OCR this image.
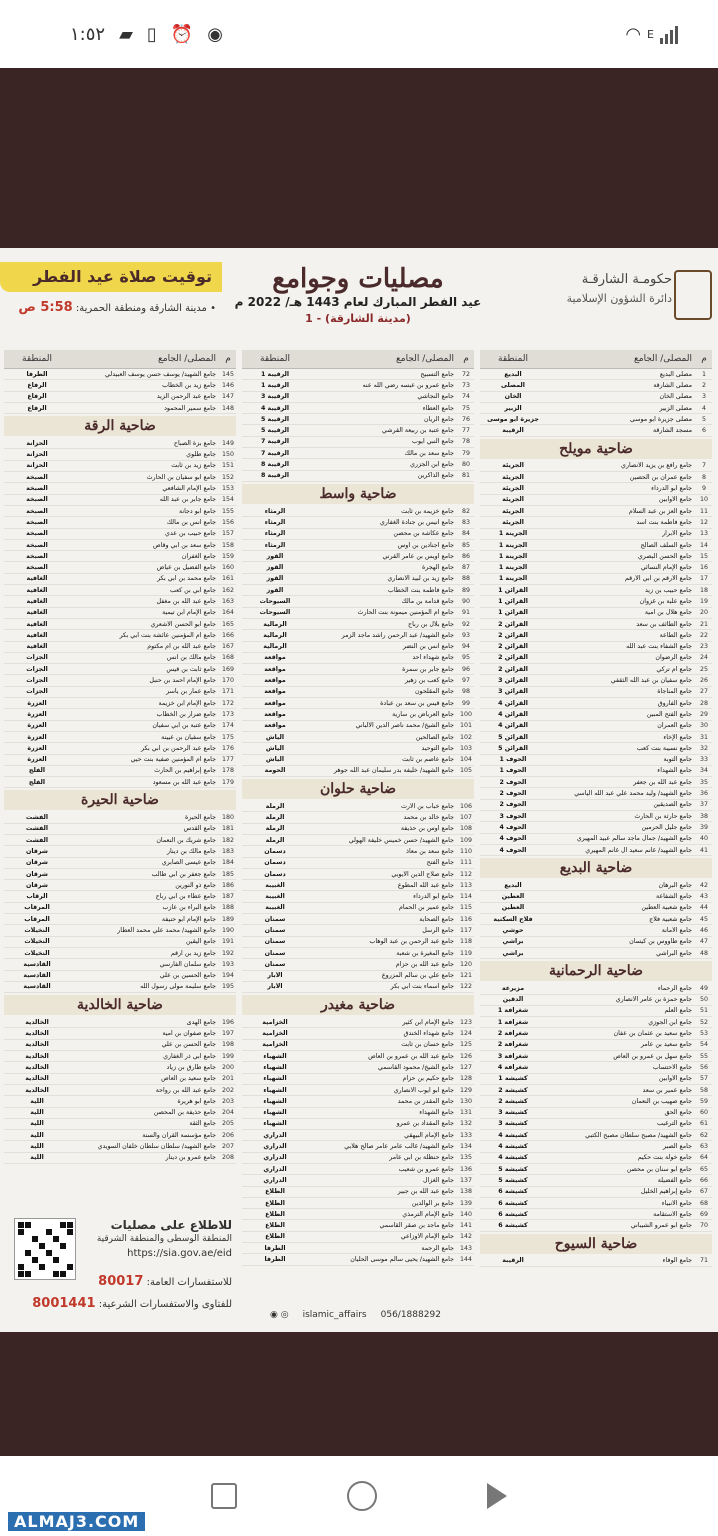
١:٥٢ ▰ ▯ ⏰ ◉	◠ E
حكومـة الشارقـة
دائرة الشؤون الإسلامية
مصليات وجوامع
عيد الفطر المبارك لعام 1443 هـ/ 2022 م
(مدينة الشارقة) - 1
توقيت صلاة عيد الفطر
• مدينة الشارقة ومنطقة الحمرية: 5:58 ص
م
المصلى/ الجامع
المنطقة
1
مصلى البديع
البديع
2
مصلى الشارقة
المصلى
3
مصلى الخان
الخان
4
مصلى الزبير
الزبير
5
مصلى جزيرة أبو موسى
جزيرة أبو موسى
6
مسجد الشارقة
الرقيبة
ضاحية مويلح
7
جامع رافع بن يزيد الأنصاري
الجريئة
8
جامع عمران بن الحصين
الجريئة
9
جامع أبو الدرداء
الجريئة
10
جامع الأوابين
الجريئة
11
جامع العز بن عبد السلام
الجريئة
12
جامع فاطمة بنت أسد
الجريئة
13
جامع الأبرار
الجرينة 1
14
جامع السلف الصالح
الجرينة 1
15
جامع الحسن البصري
الجرينة 1
16
جامع الإمام النسائي
الجرينة 1
17
جامع الأرقم بن أبي الأرقم
الجرينة 1
18
جامع حبيب بن زيد
القرائن 1
19
جامع علبة بن غزوان
القرائن 1
20
جامع هلال بن أمية
القرائن 1
21
جامع الطائف بن سعد
القرائن 2
22
جامع الطاعة
القرائن 2
23
جامع الشفاء بنت عبد الله
القرائن 2
24
جامع الرضوان
القرائن 2
25
جامع أم تركي
القرائن 2
26
جامع سفيان بن عبد الله الثقفي
القرائن 3
27
جامع المناجاة
القرائن 3
28
جامع الفاروق
القرائن 4
29
جامع الفتح المبين
القرائن 4
30
جامع العمران
القرائن 4
31
جامع الإخاء
القرائن 5
32
جامع نسيبة بنت كعب
القرائن 5
33
جامع التوبة
الحوف 1
34
جامع الشهداء
الحوف 1
35
جامع عبد الله بن جعفر
الحوف 2
36
جامع الشهيد/ وليد محمد علي عبد الله الياسي
الحوف 2
37
جامع الصديقين
الحوف 2
38
جامع حارثة بن الحارث
الحوف 3
39
جامع جليل الحرمين
الحوف 4
40
جامع الشهيد/ جمال ماجد سالم عبيد المهيري
الحوف 4
41
جامع الشهيد/ غانم سعيد آل غانم المهيري
الحوف 4
ضاحية البديع
42
جامع البرهان
البديع
43
جامع الشفاعة
العطين
44
جامع شعبية العطين
العطين
45
جامع شعبية فلاج
فلاج السكنية
46
جامع الأمانة
حوشي
47
جامع طاووس بن كيسان
براشي
48
جامع البراشي
براشي
ضاحية الرحمانية
49
جامع الرحماء
مزيرعة
50
جامع حمزة بن عامر الأنصاري
الدقين
51
جامع العلم
شغرافة 1
52
جامع ابن الجوزي
شغرافة 1
53
جامع سعيد بن عثمان بن عفان
شغرافة 2
54
جامع سعيد بن عامر
شغرافة 2
55
جامع سهل بن عمرو بن العاص
شغرافة 3
56
جامع الاحتساب
شغرافة 4
57
جامع الأوابين
كشيشة 1
58
جامع عمير بن سعد
كشيشة 2
59
جامع صهيب بن النعمان
كشيشة 2
60
جامع الحق
كشيشة 3
61
جامع الترغيب
كشيشة 3
62
جامع الشهيد/ مصبح سلطان مصبح الكتبي
كشيشة 4
63
جامع الصبر
كشيشة 4
64
جامع خولة بنت حكيم
كشيشة 4
65
جامع أبو سنان بن محصن
كشيشة 5
66
جامع الفضيلة
كشيشة 5
67
جامع إبراهيم الخليل
كشيشة 6
68
جامع الأنبياء
كشيشة 6
69
جامع الاستقامة
كشيشة 6
70
جامع أبو عمرو الشيباني
كشيشة 6
ضاحية السيوح
71
جامع الوفاء
الرقيبة
م
المصلى/ الجامع
المنطقة
72
جامع التسبيح
الرقيبة 1
73
جامع عمرو بن عبسه رضي الله عنه
الرقيبة 1
74
جامع النجاشي
الرقيبة 3
75
جامع العطاء
الرقيبة 4
76
جامع الريان
الرقيبة 5
77
جامع عتبة بن ربيعة القرشي
الرقيبة 5
78
جامع النبي أيوب
الرقيبة 7
79
جامع سعد بن مالك
الرقيبة 7
80
جامع ابن الجزري
الرقيبة 8
81
جامع الذاكرين
الرقيبة 8
ضاحية واسط
82
جامع خزيمة بن ثابت
الرمثاء
83
جامع أنيس بن جنادة الغفاري
الرمثاء
84
جامع عكاشة بن محصن
الرمثاء
85
جامع أجنادين بن أوس
الرمثاء
86
جامع أويس بن عامر القرني
القوز
87
جامع الهجرة
القوز
88
جامع زيد بن لبيد الأنصاري
القوز
89
جامع فاطمة بنت الخطاب
القوز
90
جامع قدامة بن مالك
السيوحات
91
جامع أم المؤمنين ميمونة بنت الحارث
السيوحات
92
جامع بلال بن رباح
الرمالية
93
جامع الشهيد/ عبد الرحمن راشد ماجد الزمر
الرمالية
94
جامع أنس بن النضر
الرمالية
95
جامع شهداء أحد
مواقعة
96
جامع جابر بن سمرة
مواقعة
97
جامع كعب بن زهير
مواقعة
98
جامع المقلحون
مواقعة
99
جامع قيس بن سعد بن عبادة
مواقعة
100
جامع العرباض بن سارية
مواقعة
101
جامع الشيخ/ محمد ناصر الدين الألباني
مواقعة
102
جامع الصالحين
الياش
103
جامع التوحيد
الياش
104
جامع عاصم بن ثابت
الياش
105
جامع الشهيد/ خليفة بدر سليمان عبد الله جوهر
الحومة
ضاحية حلوان
106
جامع خباب بن الأرت
الرملة
107
جامع خالد بن محمد
الرملة
108
جامع أوس بن حذيفة
الرملة
109
جامع الشهيد/ حسن خميس خليفة الهولي
الرملة
110
جامع سعد بن معاذ
دسمان
111
جامع الفتح
دسمان
112
جامع صلاح الدين الأيوبي
دسمان
113
جامع عبد الله المطوع
الغبيبة
114
جامع أبو الدرداء
الغبيبة
115
جامع عمير بن الحمام
الغبيبة
116
جامع الصحابة
سمنان
117
جامع الرسل
سمنان
118
جامع عبد الرحمن بن عبد الوهاب
سمنان
119
جامع المغيرة بن شعبة
سمنان
120
جامع عبد الله بن حزام
سمنان
121
جامع علي بن سالم المزروع
الأبار
122
جامع أسماء بنت أبي بكر
الأبار
ضاحية مغيدر
123
جامع الإمام ابن كثير
الخزامية
124
جامع شهداء الخندق
الخزامية
125
جامع حسان بن ثابت
الخزامية
126
جامع عبد الله بن عمرو بن العاص
الشهباء
127
جامع الشيخ/ محمود القاسمي
الشهباء
128
جامع حكيم بن حزام
الشهباء
129
جامع أبو أيوب الأنصاري
الشهباء
130
جامع المقدر بن محمد
الشهباء
131
جامع الشهداء
الشهباء
132
جامع المقداد بن عمرو
الشهباء
133
جامع الإمام البيهقي
الدراري
134
جامع الشهيد/ غالب عامر عامر صالح هلابي
الدراري
135
جامع حنظلة بن أبي عامر
الدراري
136
جامع عمرو بن شعيب
الدراري
137
جامع الغزال
الدراري
138
جامع عبد الله بن جبير
الطلاع
139
جامع بر الوالدين
الطلاع
140
جامع الإمام الترمذي
الطلاع
141
جامع ماجد بن صقر القاسمي
الطلاع
142
جامع الإمام الأوزاعي
الطلاع
143
جامع الرحمة
الطرفا
144
جامع الشهيد/ يحيى سالم موسى الحليان
الطرفا
م
المصلى/ الجامع
المنطقة
145
جامع الشهيد/ يوسف حسن يوسف العبيدلي
الطرفا
146
جامع زيد بن الخطاب
الرفاع
147
جامع عبد الرحمن الزيد
الرفاع
148
جامع سمير المحمود
الرفاع
ضاحية الرقة
149
جامع بزة الصباح
الحزانة
150
جامع طلوي
الحزانة
151
جامع زيد بن ثابت
الحزانة
152
جامع أبو سفيان بن الحارث
الصبخة
153
جامع الإمام الشافعي
الصبخة
154
جامع جابر بن عبد الله
الصبخة
155
جامع أبو دجانة
الصبخة
156
جامع أنس بن مالك
الصبخة
157
جامع حبيب بن عدي
الصبخة
158
جامع سعد بن أبي وقاص
الصبخة
159
جامع الغفران
الصبخة
160
جامع الفضيل بن عياض
الصبخة
161
جامع محمد بن أبي بكر
الغافية
162
جامع أبي بن كعب
الغافية
163
جامع عبد الله بن مغفل
الغافية
164
جامع الإمام ابن تيمية
الغافية
165
جامع أبو الحسن الأشعري
الغافية
166
جامع أم المؤمنين عائشة بنت أبي بكر
الغافية
167
جامع عبد الله بن أم مكتوم
الغافية
168
جامع مالك بن أنس
الجزات
169
جامع ثابت بن قيس
الجزات
170
جامع الإمام أحمد بن حنبل
الجزات
171
جامع عمار بن ياسر
الجزات
172
جامع الإمام ابن خزيمة
العزرة
173
جامع ضرار بن الخطاب
العزرة
174
جامع عتبة بن أبي سفيان
العزرة
175
جامع سفيان بن عيينة
العزرة
176
جامع عبد الرحمن بن أبي بكر
العزرة
177
جامع أم المؤمنين صفية بنت حيي
العزرة
178
جامع إبراهيم بن الحارث
الفلج
179
جامع عبد الله بن مسعود
الفلج
ضاحية الحيرة
180
جامع الحيرة
الفشت
181
جامع القدس
الفشت
182
جامع شريك بن النعمان
الفشت
183
جامع مالك بن دينار
شرقان
184
جامع عيسى الصابري
شرقان
185
جامع جعفر بن أبي طالب
شرقان
186
جامع ذو النورين
شرقان
187
جامع عطاء بن أبي رباح
الرقاب
188
جامع البراء بن عازب
المرقاب
189
جامع الإمام أبو حنيفة
المرقاب
190
جامع الشهيد/ محمد علي محمد العطار
النخيلات
191
جامع اليقين
النخيلات
192
جامع زيد بن أرقم
النخيلات
193
جامع سلمان الفارسي
القادسية
194
جامع الحسين بن علي
القادسية
195
جامع سليمة مولى رسول الله
القادسية
ضاحية الخالدية
196
جامع الهدى
الخالدية
197
جامع صفوان بن أمية
الخالدية
198
جامع الحسن بن علي
الخالدية
199
جامع أبي ذر الغفاري
الخالدية
200
جامع طارق بن زياد
الخالدية
201
جامع سعيد بن العاص
الخالدية
202
جامع عبد الله بن رواحة
الخالدية
203
جامع أبو هريرة
اللية
204
جامع حذيفة بن المحصن
اللية
205
جامع الثقة
اللية
206
جامع مؤسسة القرآن والسنة
اللية
207
جامع الشهيد/ سلطان سلطان خلفان السويدي
اللية
208
جامع عمرو بن دينار
اللية
للاطلاع على مصليات
المنطقة الوسطى والمنطقة الشرقية
https://sia.gov.ae/eid
للاستفسارات العامة: 80017
للفتاوى والاستفسارات الشرعية: 8001441
◉ ◎ islamic_affairs 056/1888292
ALMAJ3.COM
